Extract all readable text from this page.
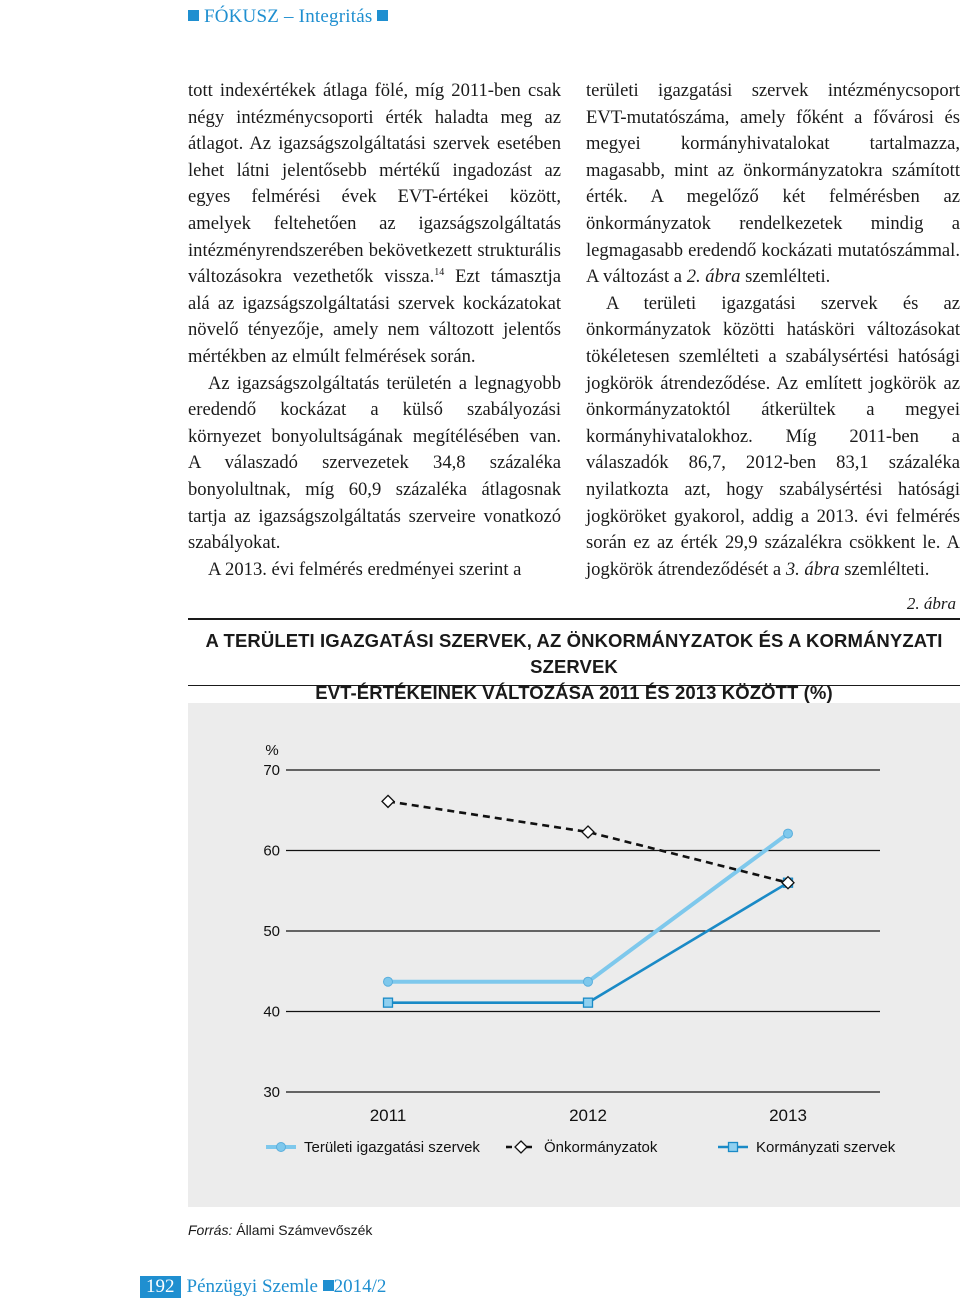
FÓKUSZ – Integritás

tott indexértékek átlaga fölé, míg 2011-ben csak négy intézménycsoporti érték haladta meg az átlagot. Az igazságszolgáltatási szervek esetében lehet látni jelentősebb mértékű ingadozást az egyes felmérési évek EVT-értékei között, amelyek feltehetően az igazságszolgáltatás intézményrendszerében bekövetkezett strukturális változásokra vezethetők vissza.$^{14}$ Ezt támasztja alá az igazságszolgáltatási szervek kockázatokat növelő tényezője, amely nem változott jelentős mértékben az elmúlt felmérések során.

Az igazságszolgáltatás területén a legnagyobb eredendő kockázat a külső szabályozási környezet bonyolultságának megítélésében van. A válaszadó szervezetek 34,8 százaléka bonyolultnak, míg 60,9 százaléka átlagosnak tartja az igazságszolgáltatás szerveire vonatkozó szabályokat.

A 2013. évi felmérés eredményei szerint a

területi igazgatási szervek intézménycsoport EVT-mutatószáma, amely főként a fővárosi és megyei kormányhivatalokat tartalmazza, magasabb, mint az önkormányzatokra számított érték. A megelőző két felmérésben az önkormányzatok rendelkezetek mindig a legmagasabb eredendő kockázati mutatószámmal. A változást a 2. ábra szemlélteti.

A területi igazgatási szervek és az önkormányzatok közötti hatásköri változásokat tökéletesen szemlélteti a szabálysértési hatósági jogkörök átrendeződése. Az említett jogkörök az önkormányzatoktól átkerültek a megyei kormányhivatalokhoz. Míg 2011-ben a válaszadók 86,7, 2012-ben 83,1 százaléka nyilatkozta azt, hogy szabálysértési hatósági jogköröket gyakorol, addig a 2013. évi felmérés során ez az érték 29,9 százalékra csökkent le. A jogkörök átrendeződését a 3. ábra szemlélteti.

2. ábra
A TERÜLETI IGAZGATÁSI SZERVEK, AZ ÖNKORMÁNYZATOK ÉS A KORMÁNYZATI SZERVEK
EVT-ÉRTÉKEINEK VÁLTOZÁSA 2011 ÉS 2013 KÖZÖTT (%)
%
30
40
50
60
70
2011	2012	2013
Területi igazgatási szervek	Önkormányzatok	Kormányzati szervek
Forrás: Állami Számvevőszék
192 Pénzügyi Szemle 2014/2
